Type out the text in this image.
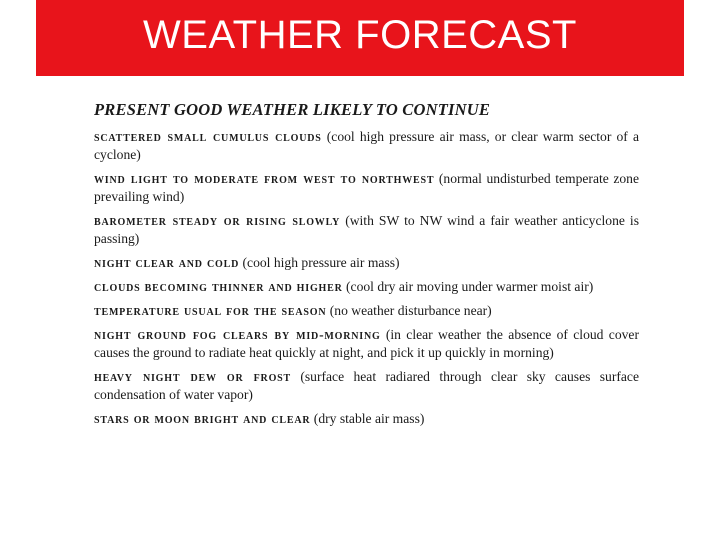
WEATHER FORECAST
PRESENT GOOD WEATHER LIKELY TO CONTINUE
scattered small cumulus clouds (cool high pressure air mass, or clear warm sector of a cyclone)
wind light to moderate from west to northwest (normal undisturbed temperate zone prevailing wind)
barometer steady or rising slowly (with SW to NW wind a fair weather anticyclone is passing)
night clear and cold (cool high pressure air mass)
clouds becoming thinner and higher (cool dry air moving under warmer moist air)
temperature usual for the season (no weather disturbance near)
night ground fog clears by mid-morning (in clear weather the absence of cloud cover causes the ground to radiate heat quickly at night, and pick it up quickly in morning)
heavy night dew or frost (surface heat radiared through clear sky causes surface condensation of water vapor)
stars or moon bright and clear (dry stable air mass)
